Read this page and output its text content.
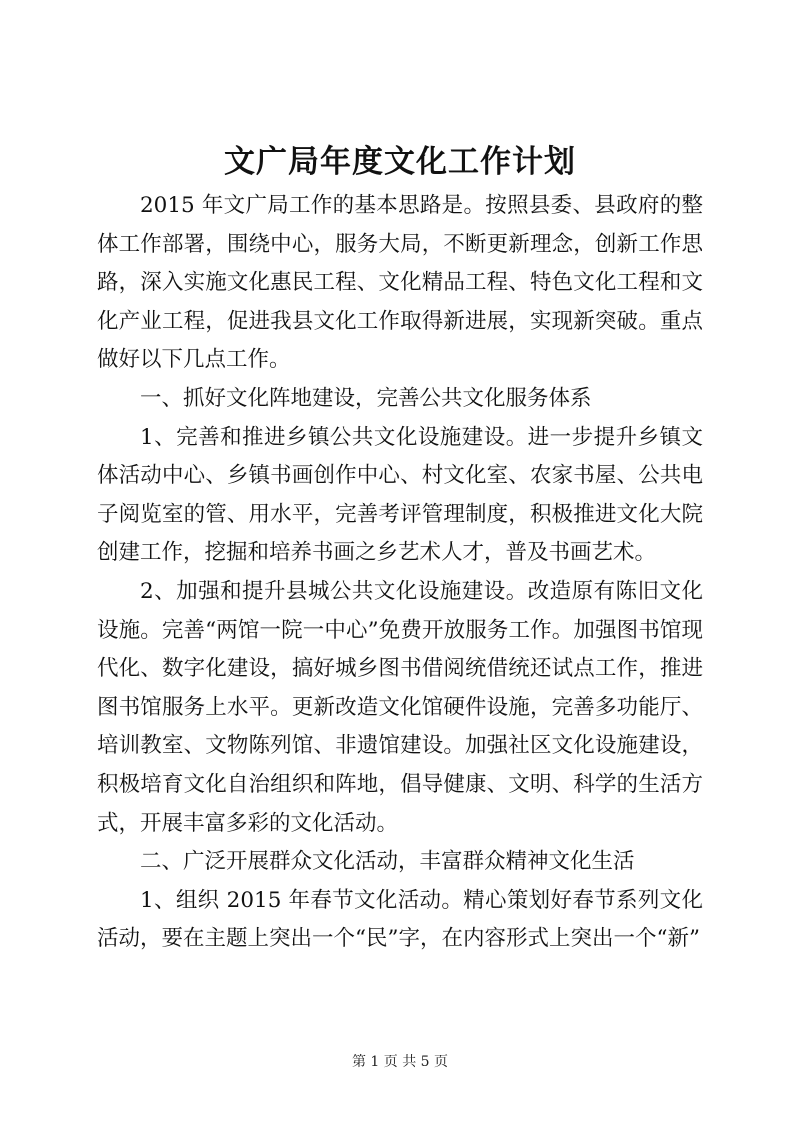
文广局年度文化工作计划

2015 年文广局工作的基本思路是。按照县委、县政府的整体工作部署，围绕中心，服务大局，不断更新理念，创新工作思路，深入实施文化惠民工程、文化精品工程、特色文化工程和文化产业工程，促进我县文化工作取得新进展，实现新突破。重点做好以下几点工作。

一、抓好文化阵地建设，完善公共文化服务体系

1、完善和推进乡镇公共文化设施建设。进一步提升乡镇文体活动中心、乡镇书画创作中心、村文化室、农家书屋、公共电子阅览室的管、用水平，完善考评管理制度，积极推进文化大院创建工作，挖掘和培养书画之乡艺术人才，普及书画艺术。

2、加强和提升县城公共文化设施建设。改造原有陈旧文化设施。完善“两馆一院一中心”免费开放服务工作。加强图书馆现代化、数字化建设，搞好城乡图书借阅统借统还试点工作，推进图书馆服务上水平。更新改造文化馆硬件设施，完善多功能厅、培训教室、文物陈列馆、非遗馆建设。加强社区文化设施建设，积极培育文化自治组织和阵地，倡导健康、文明、科学的生活方式，开展丰富多彩的文化活动。

二、广泛开展群众文化活动，丰富群众精神文化生活

1、组织 2015 年春节文化活动。精心策划好春节系列文化活动，要在主题上突出一个“民”字，在内容形式上突出一个“新”

第 1 页 共 5 页
